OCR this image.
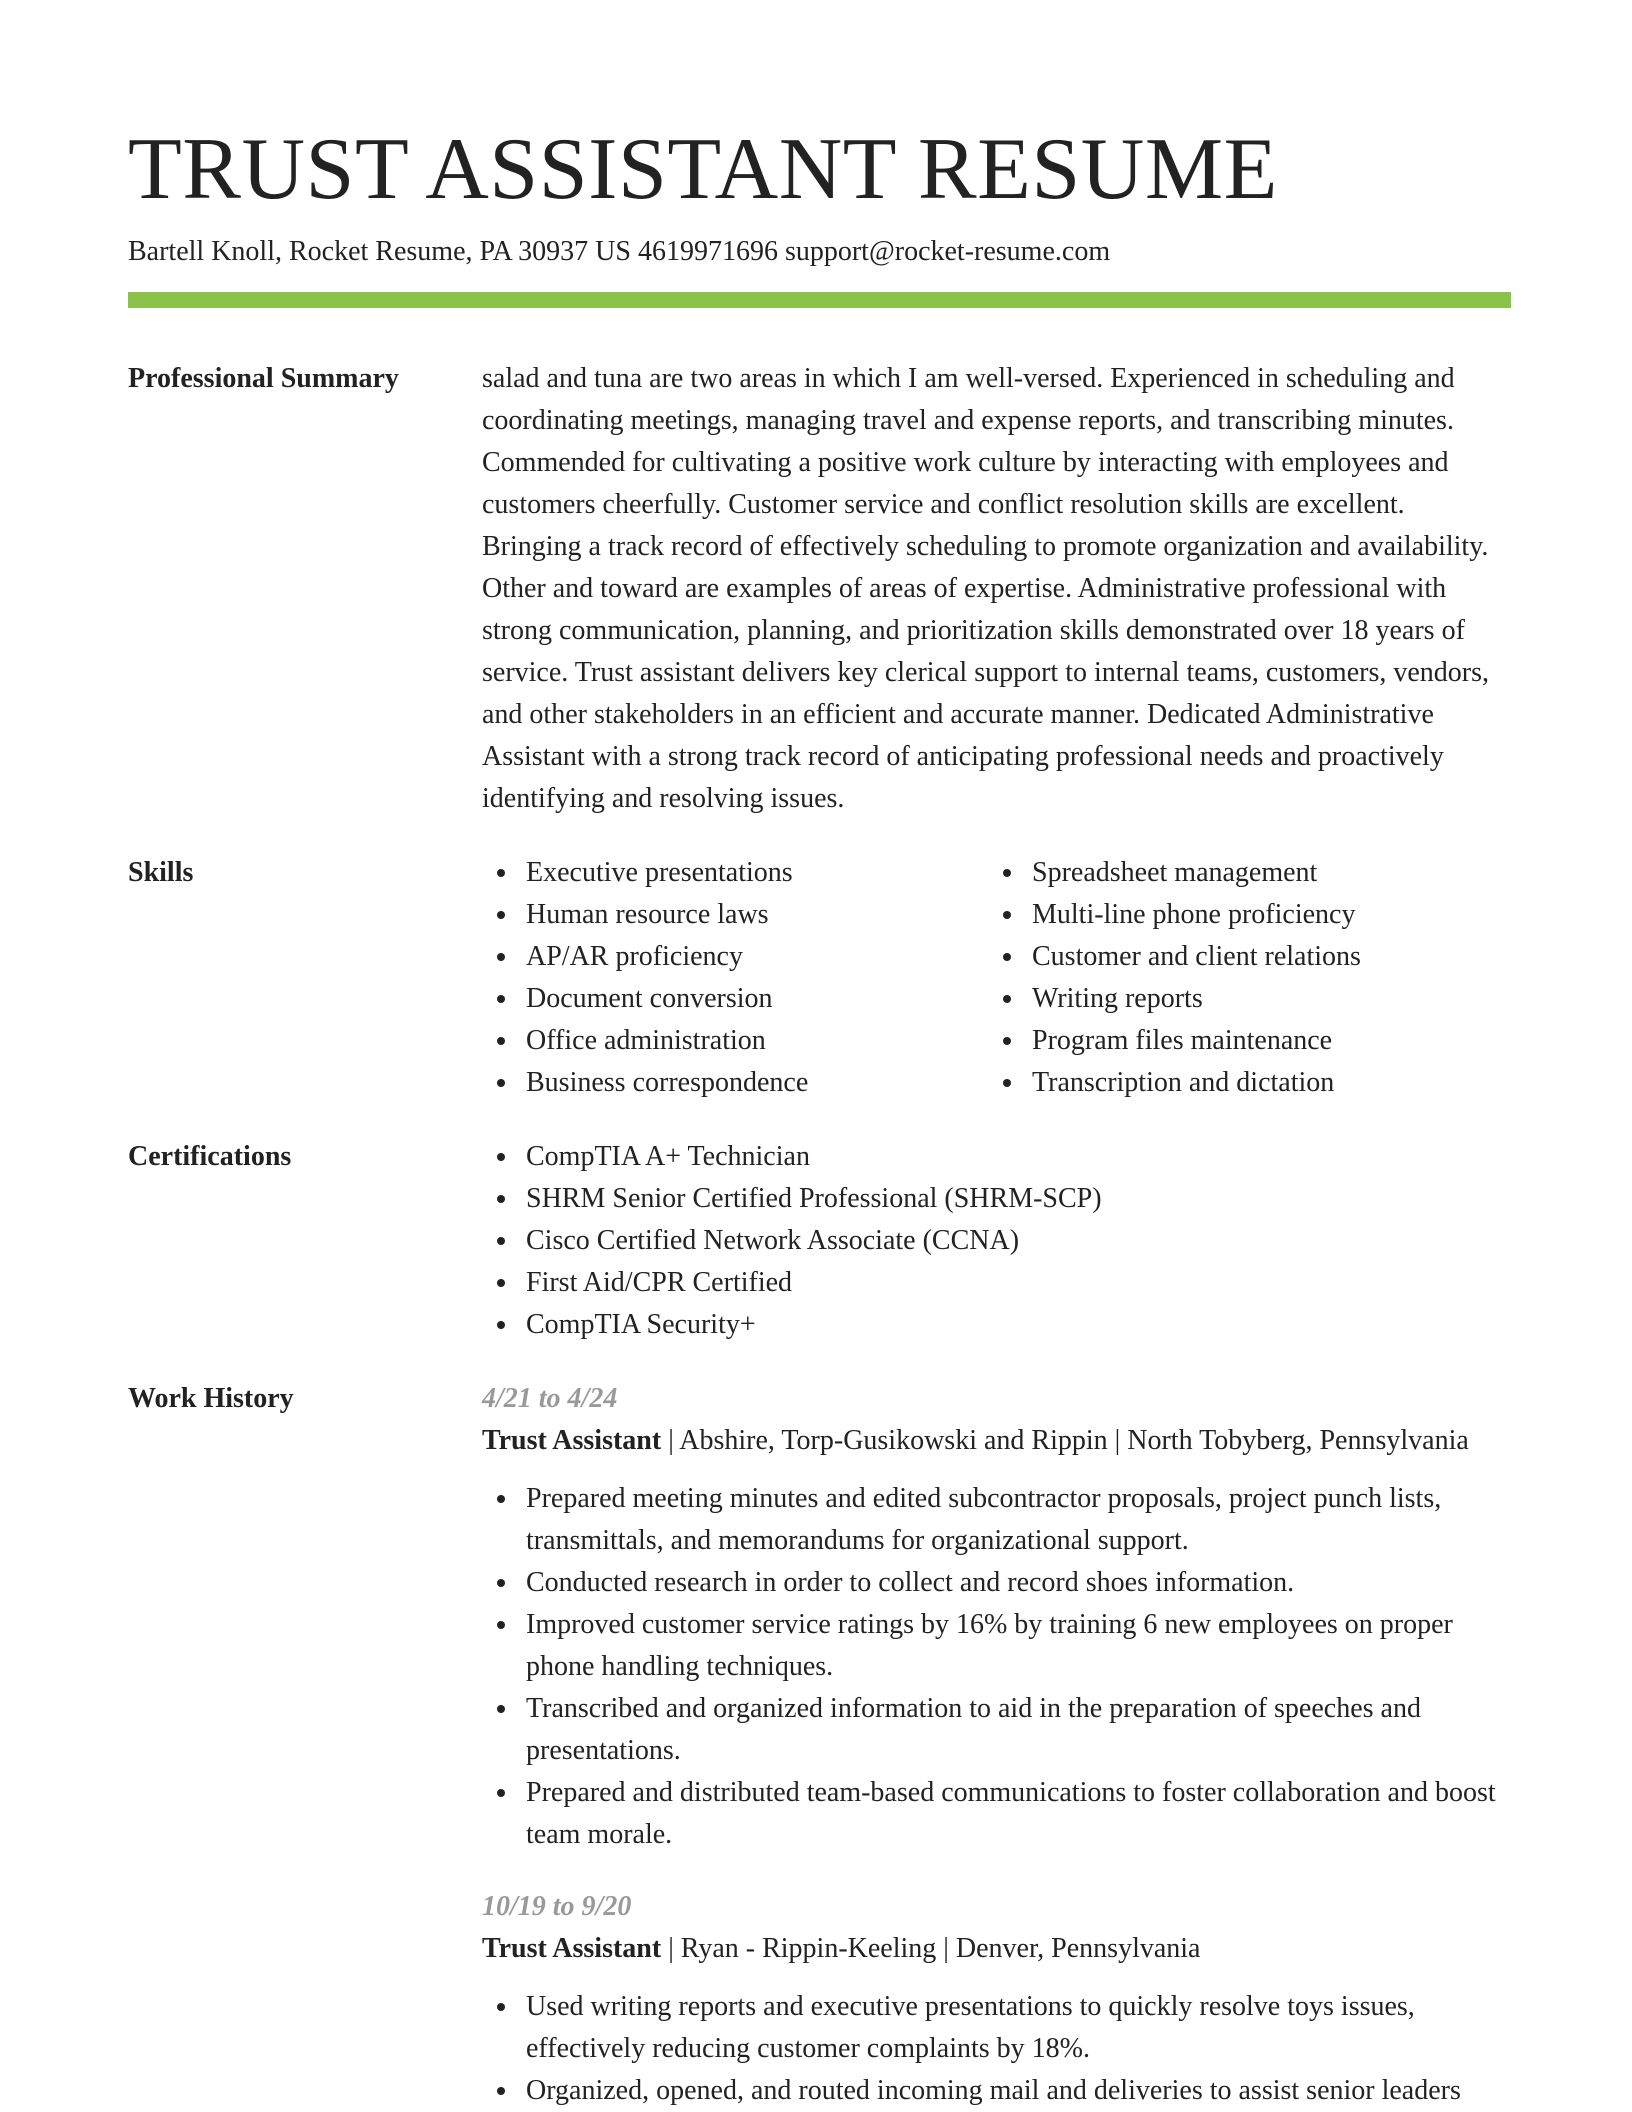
TRUST ASSISTANT RESUME
Bartell Knoll, Rocket Resume, PA 30937 US 4619971696 support@rocket-resume.com
Professional Summary	salad and tuna are two areas in which I am well-versed. Experienced in scheduling and coordinating meetings, managing travel and expense reports, and transcribing minutes. Commended for cultivating a positive work culture by interacting with employees and customers cheerfully. Customer service and conflict resolution skills are excellent. Bringing a track record of effectively scheduling to promote organization and availability. Other and toward are examples of areas of expertise. Administrative professional with strong communication, planning, and prioritization skills demonstrated over 18 years of service. Trust assistant delivers key clerical support to internal teams, customers, vendors, and other stakeholders in an efficient and accurate manner. Dedicated Administrative Assistant with a strong track record of anticipating professional needs and proactively identifying and resolving issues.
Skills	Executive presentations
Human resource laws
AP/AR proficiency
Document conversion
Office administration
Business correspondence
Spreadsheet management
Multi-line phone proficiency
Customer and client relations
Writing reports
Program files maintenance
Transcription and dictation
Certifications	CompTIA A+ Technician
SHRM Senior Certified Professional (SHRM-SCP)
Cisco Certified Network Associate (CCNA)
First Aid/CPR Certified
CompTIA Security+
Work History	4/21 to 4/24
Trust Assistant | Abshire, Torp-Gusikowski and Rippin | North Tobyberg, Pennsylvania
Prepared meeting minutes and edited subcontractor proposals, project punch lists, transmittals, and memorandums for organizational support.
Conducted research in order to collect and record shoes information.
Improved customer service ratings by 16% by training 6 new employees on proper phone handling techniques.
Transcribed and organized information to aid in the preparation of speeches and presentations.
Prepared and distributed team-based communications to foster collaboration and boost team morale.
10/19 to 9/20
Trust Assistant | Ryan - Rippin-Keeling | Denver, Pennsylvania
Used writing reports and executive presentations to quickly resolve toys issues, effectively reducing customer complaints by 18%.
Organized, opened, and routed incoming mail and deliveries to assist senior leaders
